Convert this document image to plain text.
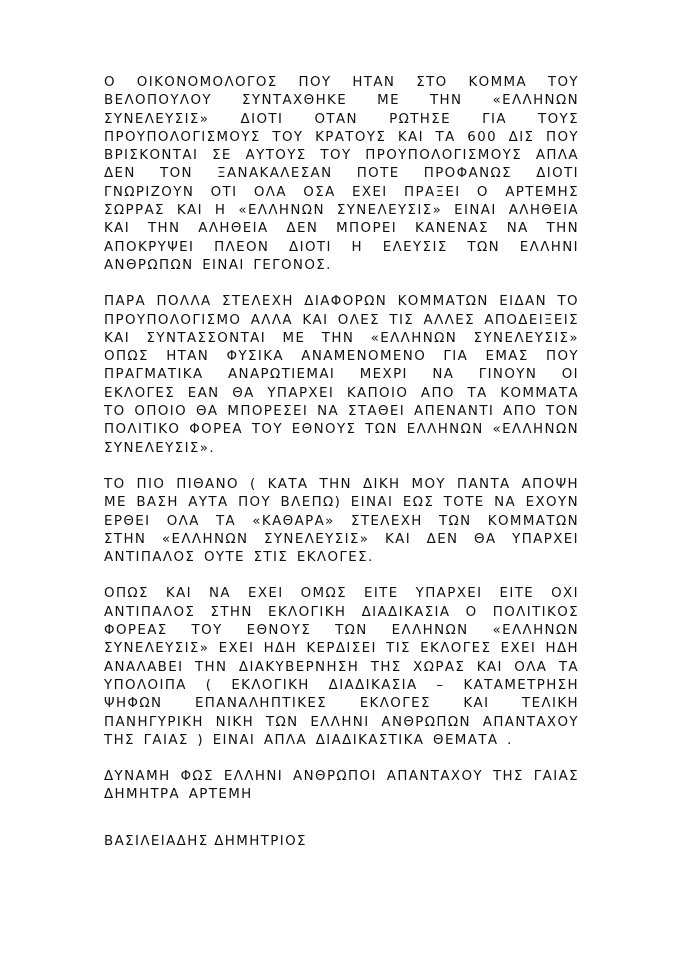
Ο ΟΙΚΟΝΟΜΟΛΟΓΟΣ ΠΟΥ ΗΤΑΝ ΣΤΟ ΚΟΜΜΑ ΤΟΥ ΒΕΛΟΠΟΥΛΟΥ ΣΥΝΤΑΧΘΗΚΕ ΜΕ ΤΗΝ «ΕΛΛΗΝΩΝ ΣΥΝΕΛΕΥΣΙΣ» ΔΙΟΤΙ ΟΤΑΝ ΡΩΤΗΣΕ ΓΙΑ ΤΟΥΣ ΠΡΟΥΠΟΛΟΓΙΣΜΟΥΣ ΤΟΥ ΚΡΑΤΟΥΣ ΚΑΙ ΤΑ 600 ΔΙΣ ΠΟΥ ΒΡΙΣΚΟΝΤΑΙ ΣΕ ΑΥΤΟΥΣ ΤΟΥ ΠΡΟΥΠΟΛΟΓΙΣΜΟΥΣ ΑΠΛΑ ΔΕΝ ΤΟΝ ΞΑΝΑΚΑΛΕΣΑΝ ΠΟΤΕ ΠΡΟΦΑΝΩΣ ΔΙΟΤΙ ΓΝΩΡΙΖΟΥΝ ΟΤΙ ΟΛΑ ΟΣΑ ΕΧΕΙ ΠΡΑΞΕΙ Ο ΑΡΤΕΜΗΣ ΣΩΡΡΑΣ ΚΑΙ Η «ΕΛΛΗΝΩΝ ΣΥΝΕΛΕΥΣΙΣ» ΕΙΝΑΙ ΑΛΗΘΕΙΑ ΚΑΙ ΤΗΝ ΑΛΗΘΕΙΑ ΔΕΝ ΜΠΟΡΕΙ ΚΑΝΕΝΑΣ ΝΑ ΤΗΝ ΑΠΟΚΡΥΨΕΙ ΠΛΕΟΝ ΔΙΟΤΙ Η ΕΛΕΥΣΙΣ ΤΩΝ ΕΛΛΗΝΙ ΑΝΘΡΩΠΩΝ ΕΙΝΑΙ ΓΕΓΟΝΟΣ.

ΠΑΡΑ ΠΟΛΛΑ ΣΤΕΛΕΧΗ ΔΙΑΦΟΡΩΝ ΚΟΜΜΑΤΩΝ ΕΙΔΑΝ ΤΟ ΠΡΟΥΠΟΛΟΓΙΣΜΟ ΑΛΛΑ ΚΑΙ ΟΛΕΣ ΤΙΣ ΑΛΛΕΣ ΑΠΟΔΕΙΞΕΙΣ ΚΑΙ ΣΥΝΤΑΣΣΟΝΤΑΙ ΜΕ ΤΗΝ «ΕΛΛΗΝΩΝ ΣΥΝΕΛΕΥΣΙΣ» ΟΠΩΣ ΗΤΑΝ ΦΥΣΙΚΑ ΑΝΑΜΕΝΟΜΕΝΟ ΓΙΑ ΕΜΑΣ ΠΟΥ ΠΡΑΓΜΑΤΙΚΑ ΑΝΑΡΩΤΙΕΜΑΙ ΜΕΧΡΙ ΝΑ ΓΙΝΟΥΝ ΟΙ ΕΚΛΟΓΕΣ ΕΑΝ ΘΑ ΥΠΑΡΧΕΙ ΚΑΠΟΙΟ ΑΠΟ ΤΑ ΚΟΜΜΑΤΑ ΤΟ ΟΠΟΙΟ ΘΑ ΜΠΟΡΕΣΕΙ ΝΑ ΣΤΑΘΕΙ ΑΠΕΝΑΝΤΙ ΑΠΟ ΤΟΝ ΠΟΛΙΤΙΚΟ ΦΟΡΕΑ ΤΟΥ ΕΘΝΟΥΣ ΤΩΝ ΕΛΛΗΝΩΝ «ΕΛΛΗΝΩΝ ΣΥΝΕΛΕΥΣΙΣ».

ΤΟ ΠΙΟ ΠΙΘΑΝΟ ( ΚΑΤΑ ΤΗΝ ΔΙΚΗ ΜΟΥ ΠΑΝΤΑ ΑΠΟΨΗ ΜΕ ΒΑΣΗ ΑΥΤΑ ΠΟΥ ΒΛΕΠΩ) ΕΙΝΑΙ ΕΩΣ ΤΟΤΕ ΝΑ ΕΧΟΥΝ ΕΡΘΕΙ ΟΛΑ ΤΑ «ΚΑΘΑΡΑ» ΣΤΕΛΕΧΗ ΤΩΝ ΚΟΜΜΑΤΩΝ ΣΤΗΝ «ΕΛΛΗΝΩΝ ΣΥΝΕΛΕΥΣΙΣ» ΚΑΙ ΔΕΝ ΘΑ ΥΠΑΡΧΕΙ ΑΝΤΙΠΑΛΟΣ ΟΥΤΕ ΣΤΙΣ ΕΚΛΟΓΕΣ.

ΟΠΩΣ ΚΑΙ ΝΑ ΕΧΕΙ ΟΜΩΣ ΕΙΤΕ ΥΠΑΡΧΕΙ ΕΙΤΕ ΟΧΙ ΑΝΤΙΠΑΛΟΣ ΣΤΗΝ ΕΚΛΟΓΙΚΗ ΔΙΑΔΙΚΑΣΙΑ Ο ΠΟΛΙΤΙΚΟΣ ΦΟΡΕΑΣ ΤΟΥ ΕΘΝΟΥΣ ΤΩΝ ΕΛΛΗΝΩΝ «ΕΛΛΗΝΩΝ ΣΥΝΕΛΕΥΣΙΣ» ΕΧΕΙ ΗΔΗ ΚΕΡΔΙΣΕΙ ΤΙΣ ΕΚΛΟΓΕΣ ΕΧΕΙ ΗΔΗ ΑΝΑΛΑΒΕΙ ΤΗΝ ΔΙΑΚΥΒΕΡΝΗΣΗ ΤΗΣ ΧΩΡΑΣ ΚΑΙ ΟΛΑ ΤΑ ΥΠΟΛΟΙΠΑ ( ΕΚΛΟΓΙΚΗ ΔΙΑΔΙΚΑΣΙΑ – ΚΑΤΑΜΕΤΡΗΣΗ ΨΗΦΩΝ ΕΠΑΝΑΛΗΠΤΙΚΕΣ ΕΚΛΟΓΕΣ ΚΑΙ ΤΕΛΙΚΗ ΠΑΝΗΓΥΡΙΚΗ ΝΙΚΗ ΤΩΝ ΕΛΛΗΝΙ ΑΝΘΡΩΠΩΝ ΑΠΑΝΤΑΧΟΥ ΤΗΣ ΓΑΙΑΣ ) ΕΙΝΑΙ ΑΠΛΑ ΔΙΑΔΙΚΑΣΤΙΚΑ ΘΕΜΑΤΑ .

ΔΥΝΑΜΗ ΦΩΣ ΕΛΛΗΝΙ ΑΝΘΡΩΠΟΙ ΑΠΑΝΤΑΧΟΥ ΤΗΣ ΓΑΙΑΣ ΔΗΜΗΤΡΑ ΑΡΤΕΜΗ

ΒΑΣΙΛΕΙΑΔΗΣ ΔΗΜΗΤΡΙΟΣ
